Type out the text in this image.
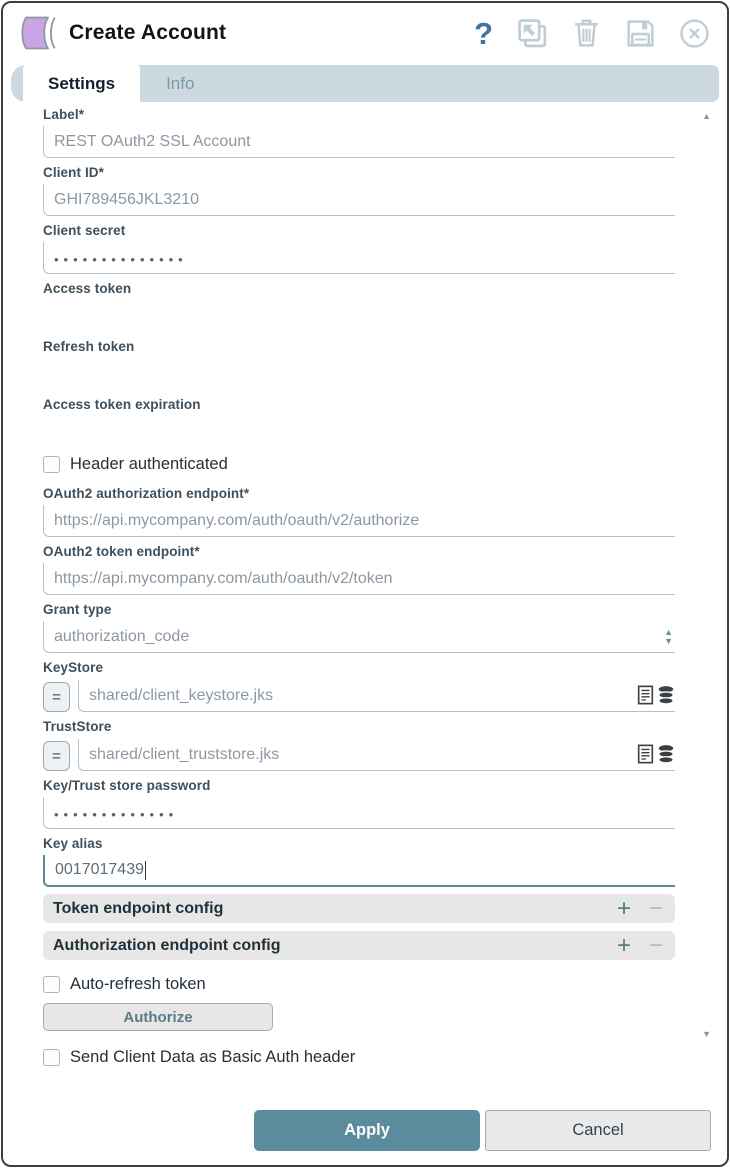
Create Account	?
Settings	Info
▲
▼
Label*
REST OAuth2 SSL Account
Client ID*
GHI789456JKL3210
Client secret
••••••••••••••
Access token
Refresh token
Access token expiration
Header authenticated
OAuth2 authorization endpoint*
https://api.mycompany.com/auth/oauth/v2/authorize
OAuth2 token endpoint*
https://api.mycompany.com/auth/oauth/v2/token
Grant type
authorization_code	▲
▼
KeyStore
=	shared/client_keystore.jks
TrustStore
=	shared/client_truststore.jks
Key/Trust store password
•••••••••••••
Key alias
0017017439
Token endpoint config	+ −
Authorization endpoint config	+ −
Auto-refresh token
Authorize
Send Client Data as Basic Auth header
Apply	Cancel
